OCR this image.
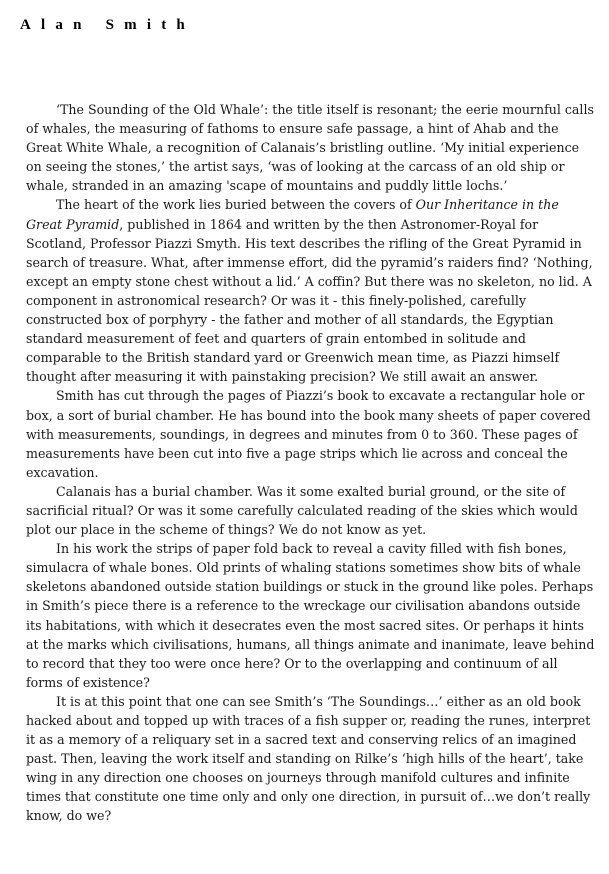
Alan Smith

‘The Sounding of the Old Whale’: the title itself is resonant; the eerie mournful calls of whales, the measuring of fathoms to ensure safe passage, a hint of Ahab and the Great White Whale, a recognition of Calanais’s bristling outline. ‘My initial experience on seeing the stones,’ the artist says, ‘was of looking at the carcass of an old ship or whale, stranded in an amazing 'scape of mountains and puddly little lochs.’

The heart of the work lies buried between the covers of Our Inheritance in the Great Pyramid, published in 1864 and written by the then Astronomer-Royal for Scotland, Professor Piazzi Smyth. His text describes the rifling of the Great Pyramid in search of treasure. What, after immense effort, did the pyramid’s raiders find? ‘Nothing, except an empty stone chest without a lid.’ A coffin? But there was no skeleton, no lid. A component in astronomical research? Or was it - this finely-polished, carefully constructed box of porphyry - the father and mother of all standards, the Egyptian standard measurement of feet and quarters of grain entombed in solitude and comparable to the British standard yard or Greenwich mean time, as Piazzi himself thought after measuring it with painstaking precision? We still await an answer.

Smith has cut through the pages of Piazzi’s book to excavate a rectangular hole or box, a sort of burial chamber. He has bound into the book many sheets of paper covered with measurements, soundings, in degrees and minutes from 0 to 360. These pages of measurements have been cut into five a page strips which lie across and conceal the excavation.

Calanais has a burial chamber. Was it some exalted burial ground, or the site of sacrificial ritual? Or was it some carefully calculated reading of the skies which would plot our place in the scheme of things? We do not know as yet.

In his work the strips of paper fold back to reveal a cavity filled with fish bones, simulacra of whale bones. Old prints of whaling stations sometimes show bits of whale skeletons abandoned outside station buildings or stuck in the ground like poles. Perhaps in Smith’s piece there is a reference to the wreckage our civilisation abandons outside its habitations, with which it desecrates even the most sacred sites. Or perhaps it hints at the marks which civilisations, humans, all things animate and inanimate, leave behind to record that they too were once here? Or to the overlapping and continuum of all forms of existence?

It is at this point that one can see Smith’s ‘The Soundings…’ either as an old book hacked about and topped up with traces of a fish supper or, reading the runes, interpret it as a memory of a reliquary set in a sacred text and conserving relics of an imagined past. Then, leaving the work itself and standing on Rilke’s ‘high hills of the heart’, take wing in any direction one chooses on journeys through manifold cultures and infinite times that constitute one time only and only one direction, in pursuit of…we don’t really know, do we?
